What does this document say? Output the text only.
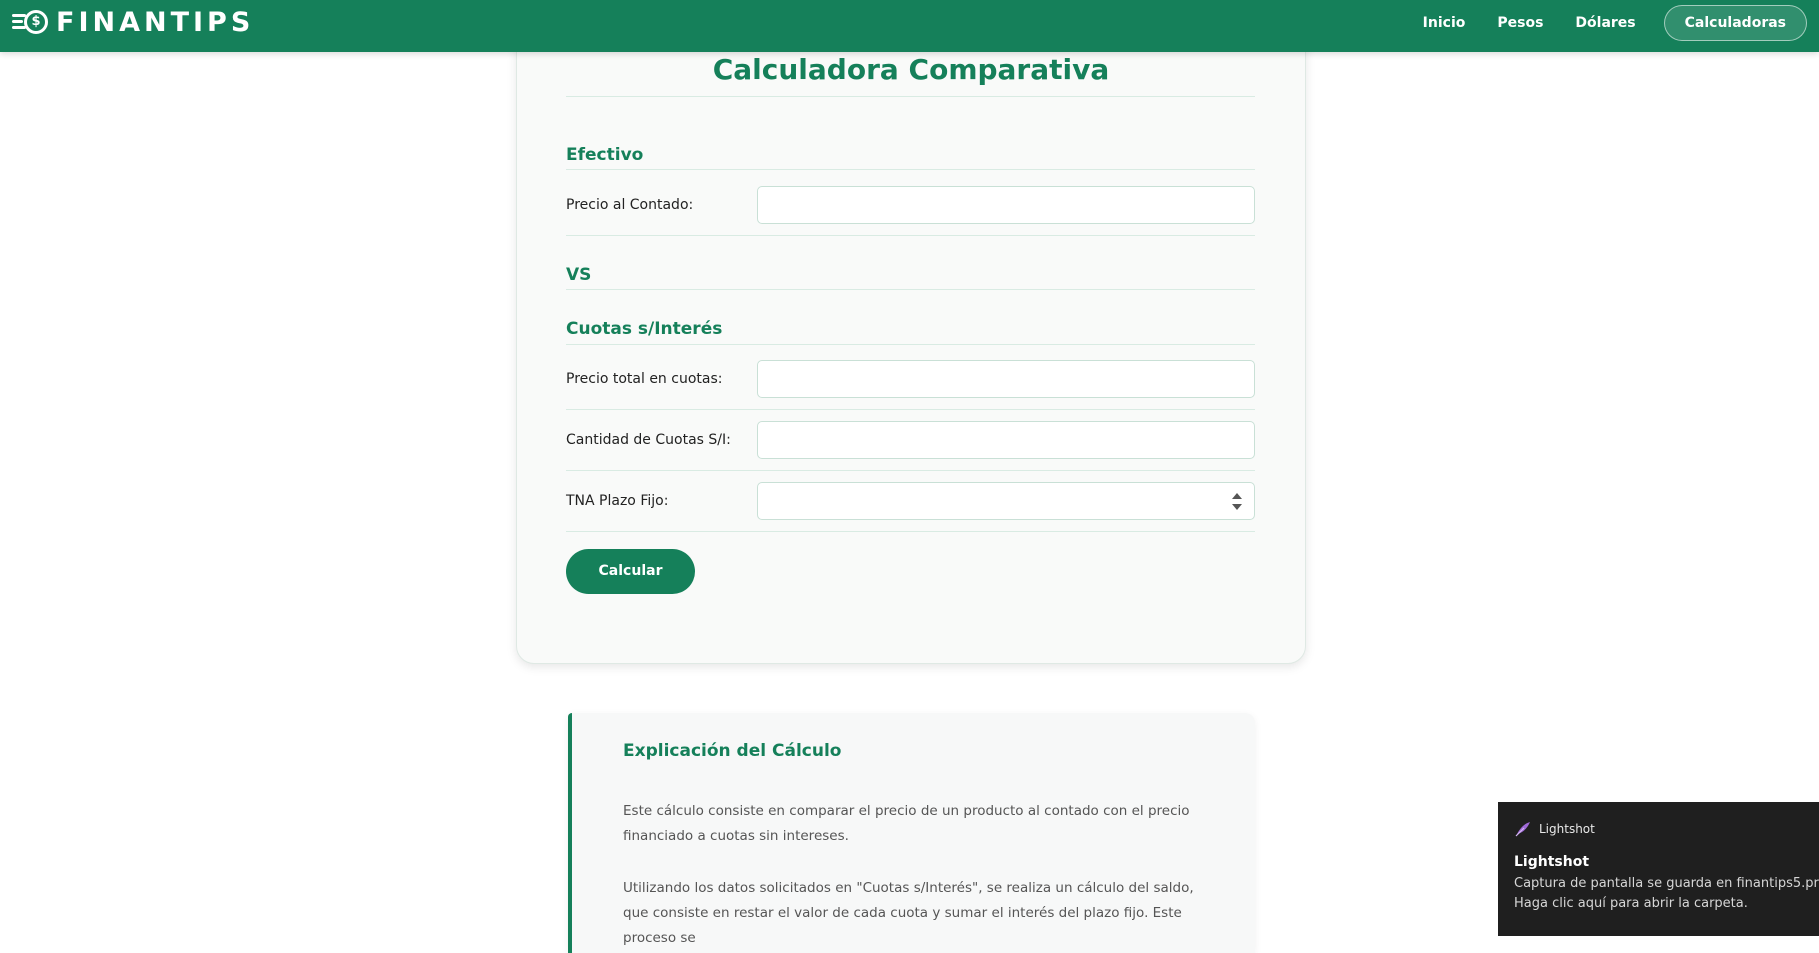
$ FINANTIPS	Inicio Pesos Dólares	Calculadoras
Calculadora Comparativa
Efectivo
Precio al Contado:
VS
Cuotas s/Interés
Precio total en cuotas:
Cantidad de Cuotas S/I:
TNA Plazo Fijo:
Calcular
Explicación del Cálculo

Este cálculo consiste en comparar el precio de un producto al contado con el precio financiado a cuotas sin intereses.

Utilizando los datos solicitados en "Cuotas s/Interés", se realiza un cálculo del saldo, que consiste en restar el valor de cada cuota y sumar el interés del plazo fijo. Este proceso se

Lightshot
Lightshot
Captura de pantalla se guarda en finantips5.pr
Haga clic aquí para abrir la carpeta.
